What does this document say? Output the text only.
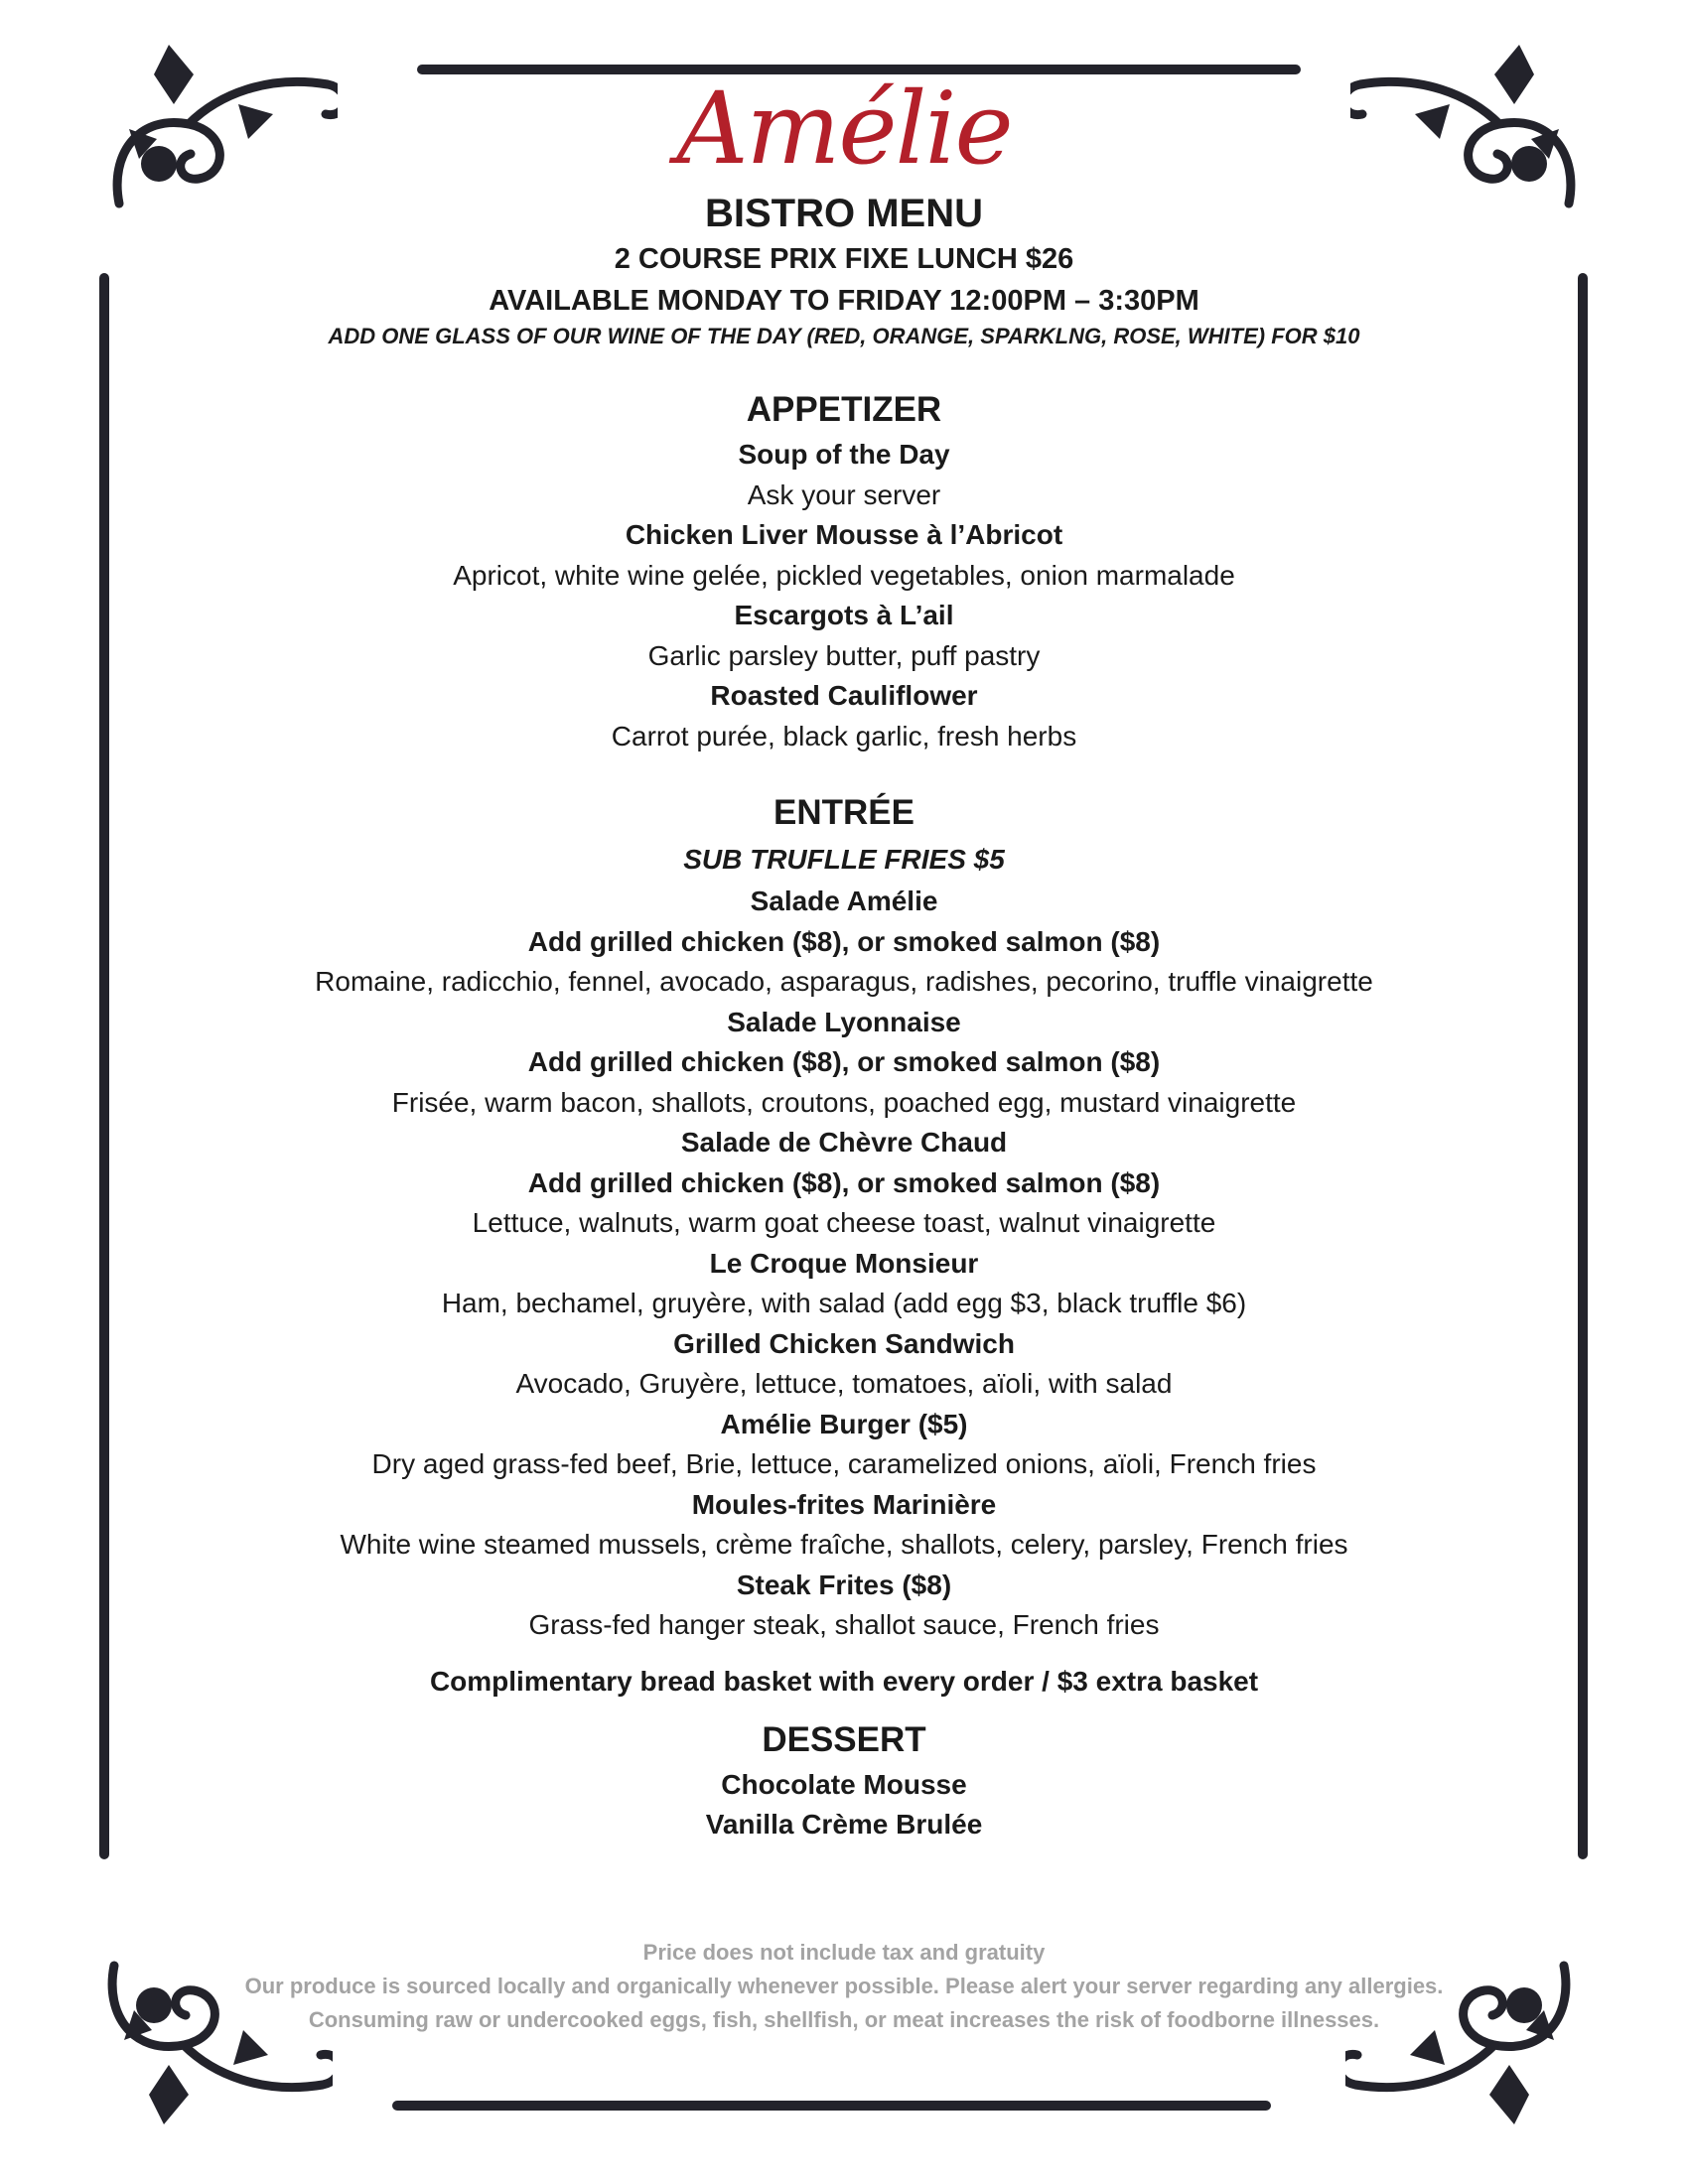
Amélie
BISTRO MENU
2 COURSE PRIX FIXE LUNCH $26
AVAILABLE MONDAY TO FRIDAY 12:00PM – 3:30PM
ADD ONE GLASS OF OUR WINE OF THE DAY (RED, ORANGE, SPARKLNG, ROSE, WHITE) FOR $10
APPETIZER
Soup of the Day
Ask your server
Chicken Liver Mousse à l’Abricot
Apricot, white wine gelée, pickled vegetables, onion marmalade
Escargots à L’ail
Garlic parsley butter, puff pastry
Roasted Cauliflower
Carrot purée, black garlic, fresh herbs
ENTRÉE
SUB TRUFLLE FRIES $5
Salade Amélie
Add grilled chicken ($8), or smoked salmon ($8)
Romaine, radicchio, fennel, avocado, asparagus, radishes, pecorino, truffle vinaigrette
Salade Lyonnaise
Add grilled chicken ($8), or smoked salmon ($8)
Frisée, warm bacon, shallots, croutons, poached egg, mustard vinaigrette
Salade de Chèvre Chaud
Add grilled chicken ($8), or smoked salmon ($8)
Lettuce, walnuts, warm goat cheese toast, walnut vinaigrette
Le Croque Monsieur
Ham, bechamel, gruyère, with salad (add egg $3, black truffle $6)
Grilled Chicken Sandwich
Avocado, Gruyère, lettuce, tomatoes, aïoli, with salad
Amélie Burger ($5)
Dry aged grass-fed beef, Brie, lettuce, caramelized onions, aïoli, French fries
Moules-frites Marinière
White wine steamed mussels, crème fraîche, shallots, celery, parsley, French fries
Steak Frites ($8)
Grass-fed hanger steak, shallot sauce, French fries
Complimentary bread basket with every order / $3 extra basket
DESSERT
Chocolate Mousse
Vanilla Crème Brulée
Price does not include tax and gratuity
Our produce is sourced locally and organically whenever possible. Please alert your server regarding any allergies.
Consuming raw or undercooked eggs, fish, shellfish, or meat increases the risk of foodborne illnesses.
